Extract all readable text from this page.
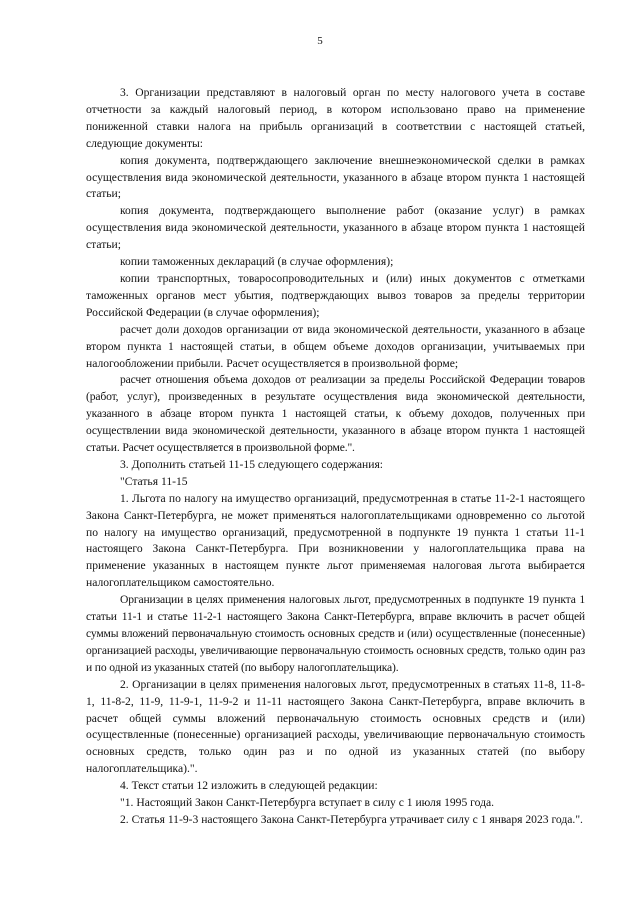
5

3. Организации представляют в налоговый орган по месту налогового учета в составе отчетности за каждый налоговый период, в котором использовано право на применение пониженной ставки налога на прибыль организаций в соответствии с настоящей статьей, следующие документы:

копия документа, подтверждающего заключение внешнеэкономической сделки в рамках осуществления вида экономической деятельности, указанного в абзаце втором пункта 1 настоящей статьи;

копия документа, подтверждающего выполнение работ (оказание услуг) в рамках осуществления вида экономической деятельности, указанного в абзаце втором пункта 1 настоящей статьи;

копии таможенных деклараций (в случае оформления);

копии транспортных, товаросопроводительных и (или) иных документов с отметками таможенных органов мест убытия, подтверждающих вывоз товаров за пределы территории Российской Федерации (в случае оформления);

расчет доли доходов организации от вида экономической деятельности, указанного в абзаце втором пункта 1 настоящей статьи, в общем объеме доходов организации, учитываемых при налогообложении прибыли. Расчет осуществляется в произвольной форме;

расчет отношения объема доходов от реализации за пределы Российской Федерации товаров (работ, услуг), произведенных в результате осуществления вида экономической деятельности, указанного в абзаце втором пункта 1 настоящей статьи, к объему доходов, полученных при осуществлении вида экономической деятельности, указанного в абзаце втором пункта 1 настоящей статьи. Расчет осуществляется в произвольной форме.".

3. Дополнить статьей 11-15 следующего содержания:

"Статья 11-15

1. Льгота по налогу на имущество организаций, предусмотренная в статье 11-2-1 настоящего Закона Санкт-Петербурга, не может применяться налогоплательщиками одновременно со льготой по налогу на имущество организаций, предусмотренной в подпункте 19 пункта 1 статьи 11-1 настоящего Закона Санкт-Петербурга. При возникновении у налогоплательщика права на применение указанных в настоящем пункте льгот применяемая налоговая льгота выбирается налогоплательщиком самостоятельно.

Организации в целях применения налоговых льгот, предусмотренных в подпункте 19 пункта 1 статьи 11-1 и статье 11-2-1 настоящего Закона Санкт-Петербурга, вправе включить в расчет общей суммы вложений первоначальную стоимость основных средств и (или) осуществленные (понесенные) организацией расходы, увеличивающие первоначальную стоимость основных средств, только один раз и по одной из указанных статей (по выбору налогоплательщика).

2. Организации в целях применения налоговых льгот, предусмотренных в статьях 11-8, 11-8-1, 11-8-2, 11-9, 11-9-1, 11-9-2 и 11-11 настоящего Закона Санкт-Петербурга, вправе включить в расчет общей суммы вложений первоначальную стоимость основных средств и (или) осуществленные (понесенные) организацией расходы, увеличивающие первоначальную стоимость основных средств, только один раз и по одной из указанных статей (по выбору налогоплательщика).".

4. Текст статьи 12 изложить в следующей редакции:

"1. Настоящий Закон Санкт-Петербурга вступает в силу с 1 июля 1995 года.

2. Статья 11-9-3 настоящего Закона Санкт-Петербурга утрачивает силу с 1 января 2023 года.".
